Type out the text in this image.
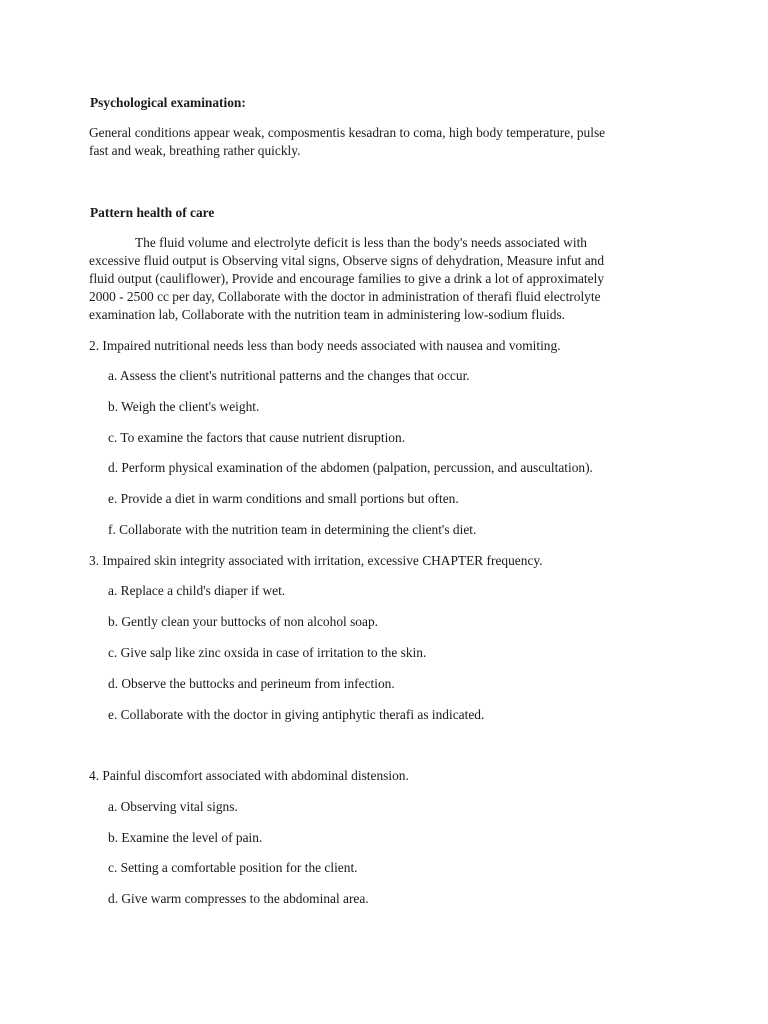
Psychological examination:

General conditions appear weak, composmentis kesadran to coma, high body temperature, pulse

fast and weak, breathing rather quickly.

Pattern health of care

The fluid volume and electrolyte deficit is less than the body's needs associated with

excessive fluid output is Observing vital signs, Observe signs of dehydration, Measure infut and

fluid output (cauliflower), Provide and encourage families to give a drink a lot of approximately

2000 - 2500 cc per day, Collaborate with the doctor in administration of therafi fluid electrolyte

examination lab, Collaborate with the nutrition team in administering low-sodium fluids.

2. Impaired nutritional needs less than body needs associated with nausea and vomiting.

a. Assess the client's nutritional patterns and the changes that occur.

b. Weigh the client's weight.

c. To examine the factors that cause nutrient disruption.

d. Perform physical examination of the abdomen (palpation, percussion, and auscultation).

e. Provide a diet in warm conditions and small portions but often.

f. Collaborate with the nutrition team in determining the client's diet.

3. Impaired skin integrity associated with irritation, excessive CHAPTER frequency.

a. Replace a child's diaper if wet.

b. Gently clean your buttocks of non alcohol soap.

c. Give salp like zinc oxsida in case of irritation to the skin.

d. Observe the buttocks and perineum from infection.

e. Collaborate with the doctor in giving antiphytic therafi as indicated.

4. Painful discomfort associated with abdominal distension.

a. Observing vital signs.

b. Examine the level of pain.

c. Setting a comfortable position for the client.

d. Give warm compresses to the abdominal area.
